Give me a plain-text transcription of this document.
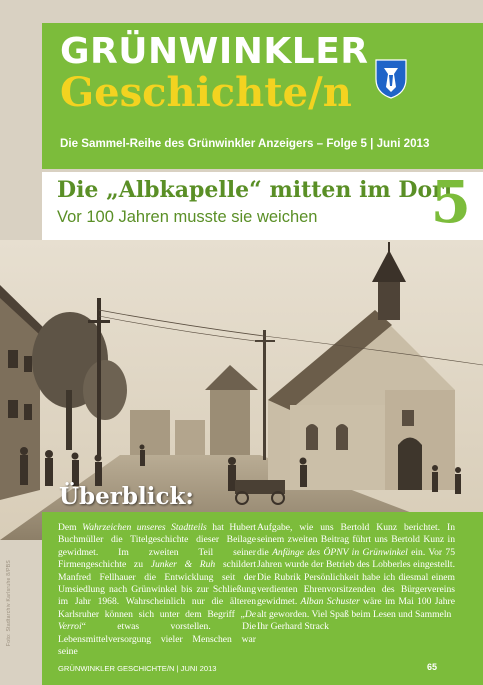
GRÜNWINKLER
Geschichte/n
Die Sammel-Reihe des Grünwinkler Anzeigers – Folge 5 | Juni 2013
Die „Albkapelle“ mitten im Dorf
Vor 100 Jahren musste sie weichen 5
Foto: Stadtarchiv Karlsruhe 8/PBS

Dem Wahrzeichen unseres Stadtteils hat Hubert Buchmüller die Titelgeschichte dieser Beilage gewidmet. Im zweiten Teil seiner Firmengeschichte zu Junker & Ruh schildert Manfred Fellhauer die Entwicklung seit der Umsiedlung nach Grünwinkel bis zur Schließung im Jahr 1968. Wahrscheinlich nur die älteren Karlsruher können sich unter dem Begriff „De Verroi“ etwas vorstellen. Die Lebensmittelversorgung vieler Menschen war seine

Aufgabe, wie uns Bertold Kunz berichtet. In seinem zweiten Beitrag führt uns Bertold Kunz in die Anfänge des ÖPNV in Grünwinkel ein. Vor 75 Jahren wurde der Betrieb des Lobberles eingestellt. Die Rubrik Persönlichkeit habe ich diesmal einem verdienten Ehrenvorsitzenden des Bürgervereins gewidmet. Alban Schuster wäre im Mai 100 Jahre alt geworden. Viel Spaß beim Lesen und Sammeln
Ihr Gerhard Strack

Überblick:
GRÜNWINKLER GESCHICHTE/N | JUNI 2013	65
